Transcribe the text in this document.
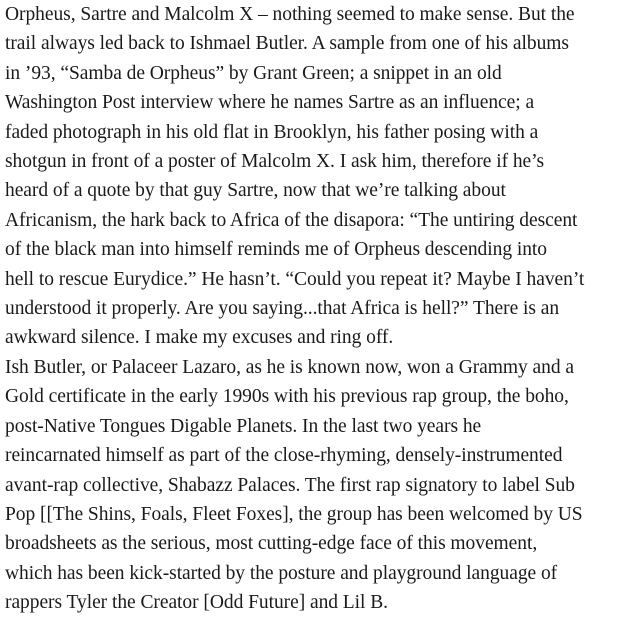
Orpheus, Sartre and Malcolm X – nothing seemed to make sense. But the
trail always led back to Ishmael Butler. A sample from one of his albums
in ’93, “Samba de Orpheus” by Grant Green; a snippet in an old
Washington Post interview where he names Sartre as an influence; a
faded photograph in his old flat in Brooklyn, his father posing with a
shotgun in front of a poster of Malcolm X. I ask him, therefore if he’s
heard of a quote by that guy Sartre, now that we’re talking about
Africanism, the hark back to Africa of the disapora: “The untiring descent
of the black man into himself reminds me of Orpheus descending into
hell to rescue Eurydice.” He hasn’t. “Could you repeat it? Maybe I haven’t
understood it properly. Are you saying...that Africa is hell?” There is an
awkward silence. I make my excuses and ring off.

Ish Butler, or Palaceer Lazaro, as he is known now, won a Grammy and a
Gold certificate in the early 1990s with his previous rap group, the boho,
post-Native Tongues Digable Planets. In the last two years he
reincarnated himself as part of the close-rhyming, densely-instrumented
avant-rap collective, Shabazz Palaces. The first rap signatory to label Sub
Pop [[The Shins, Foals, Fleet Foxes], the group has been welcomed by US
broadsheets as the serious, most cutting-edge face of this movement,
which has been kick-started by the posture and playground language of
rappers Tyler the Creator [Odd Future] and Lil B.
